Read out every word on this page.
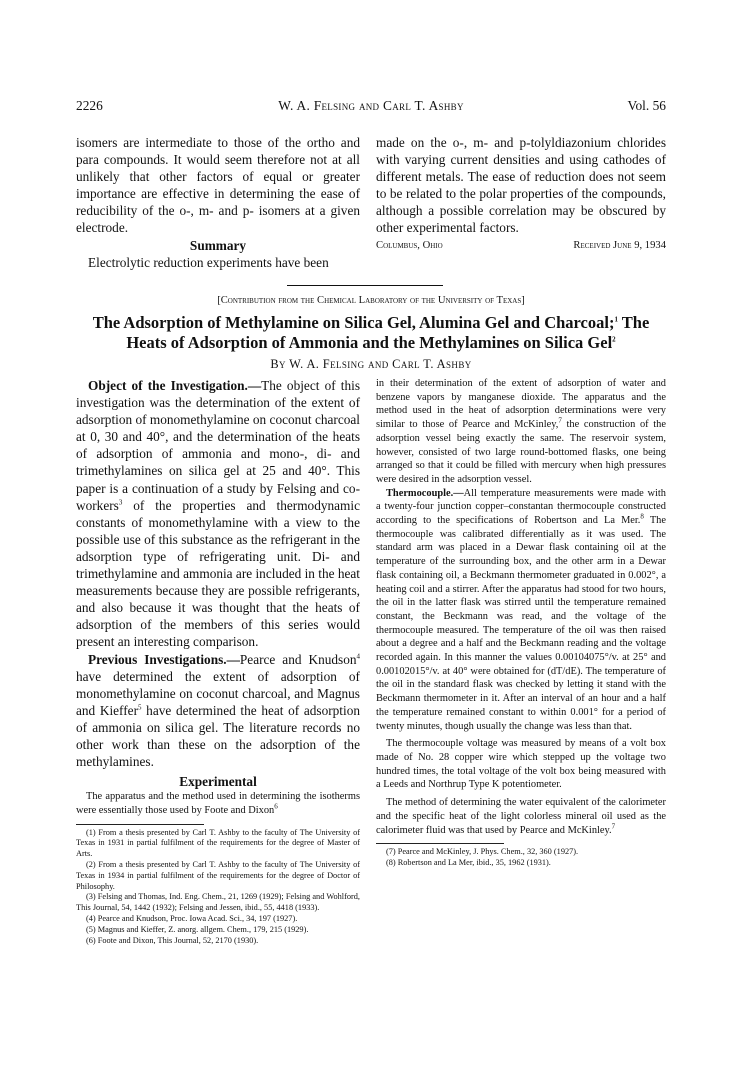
2226	W. A. Felsing and Carl T. Ashby	Vol. 56

isomers are intermediate to those of the ortho and para compounds. It would seem therefore not at all unlikely that other factors of equal or greater importance are effective in determining the ease of reducibility of the o-, m- and p- isomers at a given electrode.

Summary

Electrolytic reduction experiments have been

made on the o-, m- and p-tolyldiazonium chlorides with varying current densities and using cathodes of different metals. The ease of reduction does not seem to be related to the polar properties of the compounds, although a possible correlation may be obscured by other experimental factors.

Columbus, Ohio	Received June 9, 1934
[Contribution from the Chemical Laboratory of the University of Texas]
The Adsorption of Methylamine on Silica Gel, Alumina Gel and Charcoal;$^1$ The
Heats of Adsorption of Ammonia and the Methylamines on Silica Gel$^2$
By W. A. Felsing and Carl T. Ashby

Object of the Investigation.—The object of this investigation was the determination of the extent of adsorption of monomethylamine on coconut charcoal at 0, 30 and 40°, and the determination of the heats of adsorption of ammonia and mono-, di- and trimethylamines on silica gel at 25 and 40°. This paper is a continuation of a study by Felsing and co-workers$^3$ of the properties and thermodynamic constants of monomethylamine with a view to the possible use of this substance as the refrigerant in the adsorption type of refrigerating unit. Di- and trimethylamine and ammonia are included in the heat measurements because they are possible refrigerants, and also because it was thought that the heats of adsorption of the members of this series would present an interesting comparison.

Previous Investigations.—Pearce and Knudson$^4$ have determined the extent of adsorption of monomethylamine on coconut charcoal, and Magnus and Kieffer$^5$ have determined the heat of adsorption of ammonia on silica gel. The literature records no other work than these on the adsorption of the methylamines.

Experimental

The apparatus and the method used in determining the isotherms were essentially those used by Foote and Dixon$^6$

(1) From a thesis presented by Carl T. Ashby to the faculty of The University of Texas in 1931 in partial fulfilment of the requirements for the degree of Master of Arts.

(2) From a thesis presented by Carl T. Ashby to the faculty of The University of Texas in 1934 in partial fulfilment of the requirements for the degree of Doctor of Philosophy.

(3) Felsing and Thomas, Ind. Eng. Chem., 21, 1269 (1929); Felsing and Wohlford, This Journal, 54, 1442 (1932); Felsing and Jessen, ibid., 55, 4418 (1933).

(4) Pearce and Knudson, Proc. Iowa Acad. Sci., 34, 197 (1927).

(5) Magnus and Kieffer, Z. anorg. allgem. Chem., 179, 215 (1929).

(6) Foote and Dixon, This Journal, 52, 2170 (1930).

in their determination of the extent of adsorption of water and benzene vapors by manganese dioxide. The apparatus and the method used in the heat of adsorption determinations were very similar to those of Pearce and McKinley,$^7$ the construction of the adsorption vessel being exactly the same. The reservoir system, however, consisted of two large round-bottomed flasks, one being arranged so that it could be filled with mercury when high pressures were desired in the adsorption vessel.

Thermocouple.—All temperature measurements were made with a twenty-four junction copper–constantan thermocouple constructed according to the specifications of Robertson and La Mer.$^8$ The thermocouple was calibrated differentially as it was used. The standard arm was placed in a Dewar flask containing oil at the temperature of the surrounding box, and the other arm in a Dewar flask containing oil, a Beckmann thermometer graduated in 0.002°, a heating coil and a stirrer. After the apparatus had stood for two hours, the oil in the latter flask was stirred until the temperature remained constant, the Beckmann was read, and the voltage of the thermocouple measured. The temperature of the oil was then raised about a degree and a half and the Beckmann reading and the voltage recorded again. In this manner the values 0.00104075°/v. at 25° and 0.00102015°/v. at 40° were obtained for (dT/dE). The temperature of the oil in the standard flask was checked by letting it stand with the Beckmann thermometer in it. After an interval of an hour and a half the temperature remained constant to within 0.001° for a period of twenty minutes, though usually the change was less than that.

The thermocouple voltage was measured by means of a volt box made of No. 28 copper wire which stepped up the voltage two hundred times, the total voltage of the volt box being measured with a Leeds and Northrup Type K potentiometer.

The method of determining the water equivalent of the calorimeter and the specific heat of the light colorless mineral oil used as the calorimeter fluid was that used by Pearce and McKinley.$^7$

(7) Pearce and McKinley, J. Phys. Chem., 32, 360 (1927).

(8) Robertson and La Mer, ibid., 35, 1962 (1931).
